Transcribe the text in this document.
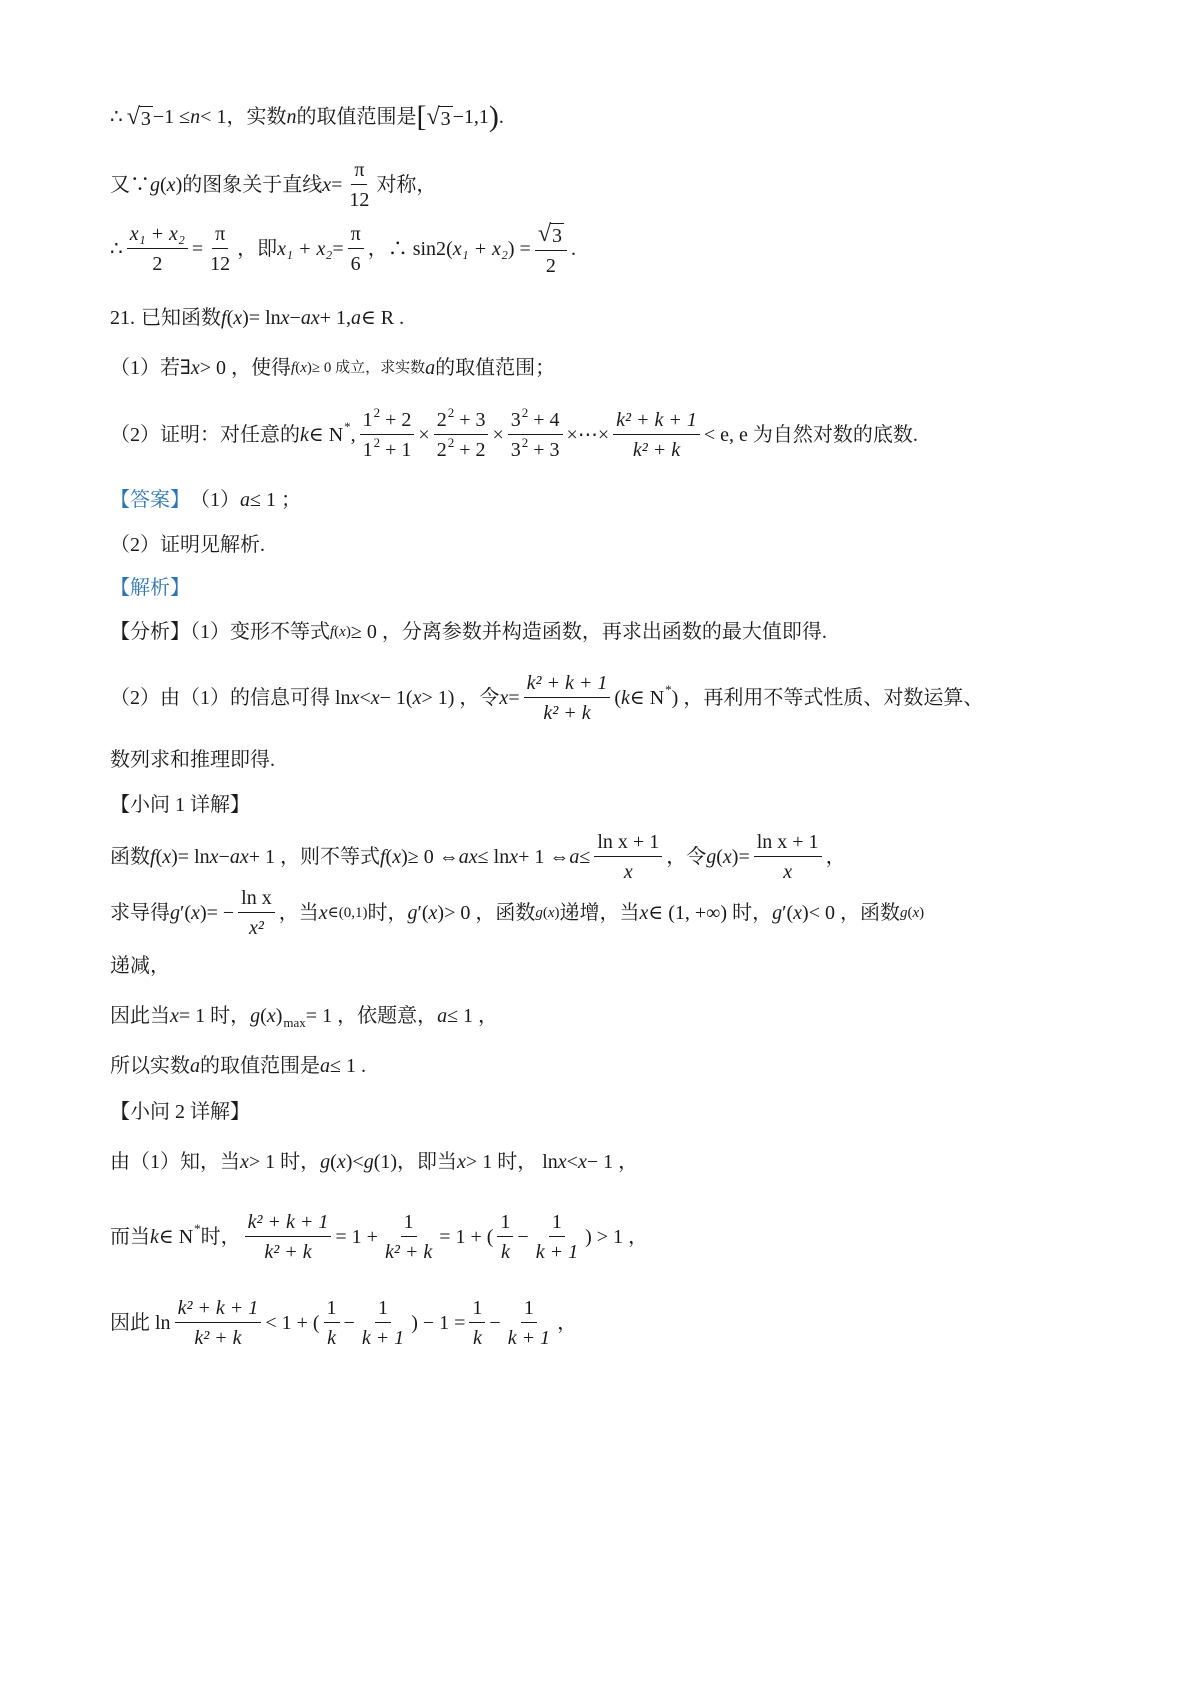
∴ √ 3 −1 ≤ n < 1，实数 n 的取值范围是 [ √ 3 −1,1 ) .
又∵ g ( x ) 的图象关于直线 $x = \frac{\pi}{12}$ 对称，
∴ $\frac{\text{x₁ + x₂}}{2} = \frac{\pi}{12}$ ，即 $x_1 + x_2 = \frac{\pi}{6}$ ，∴ sin2 ( x₁ + x₂ ) = $\frac{√ 3}{2}$ .
21. 已知函数 f ( x ) = ln x − a x + 1, a ∈ R .
（1）若∃ x > 0 ，使得 f ( x ) ≥ 0 成立，求实数 a 的取值范围；
（2）证明：对任意的 k ∈ N * , $\frac{1^2 + 2}{1^2 + 1} \times \frac{2^2 + 3}{2^2 + 2} \times \frac{3^2 + 4}{3^2 + 3}$ ×⋯× $\frac{\text{k² + k + 1}}{\text{k² + k}} < e$, e 为自然对数的底数.
【答案】 （1） a ≤ 1 ；
（2）证明见解析.
【解析】
【分析】（1）变形不等式 f ( x ) ≥ 0 ，分离参数并构造函数，再求出函数的最大值即得.
（2）由（1）的信息可得 ln x < x − 1( x > 1) ，令 $x = \frac{\text{k² + k + 1}}{\text{k² + k}}$ ( k ∈ N * ) ，再利用不等式性质、对数运算、
数列求和推理即得.
【小问 1 详解】
函数 f ( x ) = ln x − a x + 1 ，则不等式 f ( x ) ≥ 0 ⇔ a x ≤ ln x + 1 ⇔ $a \le \frac{\text{ln x + 1}}{x}$ ，令 g ( x ) = $\frac{\text{ln x + 1}}{x}$ ，
求导得 g ′( x ) = − $\frac{\text{ln x}}{\text{x²}}$ ，当 x ∈(0,1) 时， g ′( x ) > 0 ，函数 g ( x ) 递增，当 x ∈ (1, +∞) 时， g ′( x ) < 0 ，函数 g ( x )
递减，
因此当 x = 1 时， g ( x ) max = 1 ，依题意， a ≤ 1 ，
所以实数 a 的取值范围是 a ≤ 1 .
【小问 2 详解】
由（1）知，当 x > 1 时， g ( x ) < g ( 1 ) ，即当 x > 1 时， ln x < x − 1 ，
而当 k ∈ N * 时， $\frac{\text{k² + k + 1}}{\text{k² + k}} = 1 + \frac{1}{\text{k² + k}} = 1$ + ( $\frac{1}{k} - \frac{1}{k + 1}$ ) > 1 ，
因此 $\ln \frac{\text{k² + k + 1}}{\text{k² + k}} < 1$ + ( $\frac{1}{k} - \frac{1}{k + 1}$ ) − $1 = \frac{1}{k} - \frac{1}{k + 1}$ ，
